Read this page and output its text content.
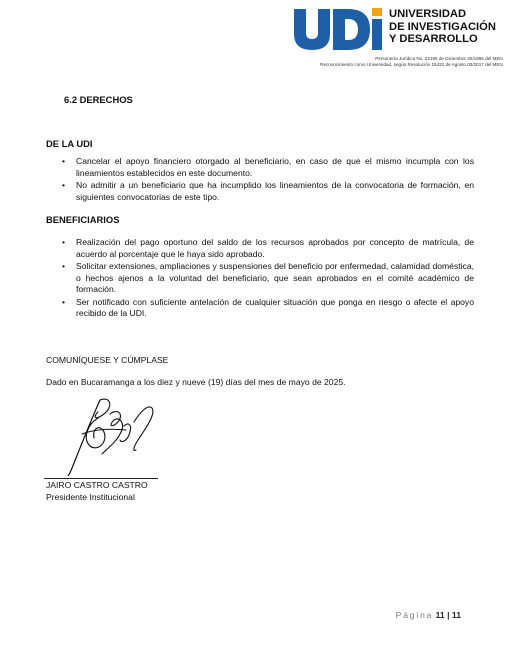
UNIVERSIDAD
DE INVESTIGACIÓN
Y DESARROLLO
Personería Jurídica No. 22195 de Diciembre 20/1985 del MEN.
Reconocimiento como Universidad, según Resolución 15422 de Agosto 03/2017 del MEN.
6.2 DERECHOS
DE LA UDI
• Cancelar el apoyo financiero otorgado al beneficiario, en caso de que el mismo incumpla con los lineamientos establecidos en este documento.
• No admitir a un beneficiario que ha incumplido los lineamientos de la convocatoria de formación, en siguientes convocatorias de este tipo.
BENEFICIARIOS
• Realización del pago oportuno del saldo de los recursos aprobados por concepto de matrícula, de acuerdo al porcentaje que le haya sido aprobado.
• Solicitar extensiones, ampliaciones y suspensiones del beneficio por enfermedad, calamidad doméstica, o hechos ajenos a la voluntad del beneficiario, que sean aprobados en el comité académico de formación.
• Ser notificado con suficiente antelación de cualquier situación que ponga en riesgo o afecte el apoyo recibido de la UDI.
COMUNÍQUESE Y CÚMPLASE
Dado en Bucaramanga a los diez y nueve (19) días del mes de mayo de 2025.
JAIRO CASTRO CASTRO
Presidente Institucional
Página 11 | 11
